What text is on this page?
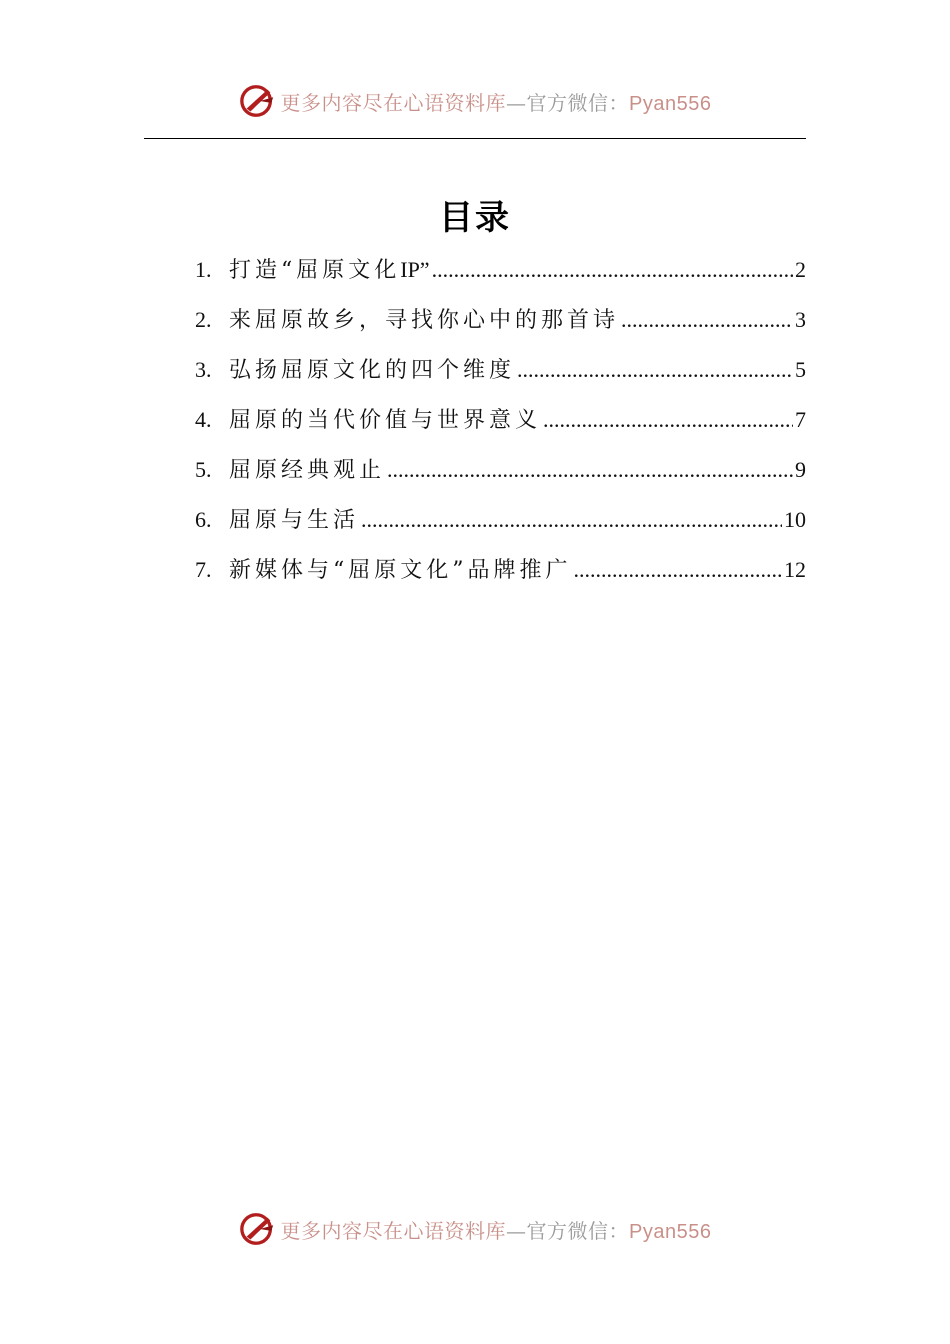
更多内容尽在心语资料库—官方微信：Pyan556
目录
1. 打造“屈原文化IP” .....	2
2. 来屈原故乡，寻找你心中的那首诗 .....	3
3. 弘扬屈原文化的四个维度 .....	5
4. 屈原的当代价值与世界意义 .....	7
5. 屈原经典观止 .....	9
6. 屈原与生活 .....	10
7. 新媒体与“屈原文化”品牌推广 .....	12
更多内容尽在心语资料库—官方微信：Pyan556
